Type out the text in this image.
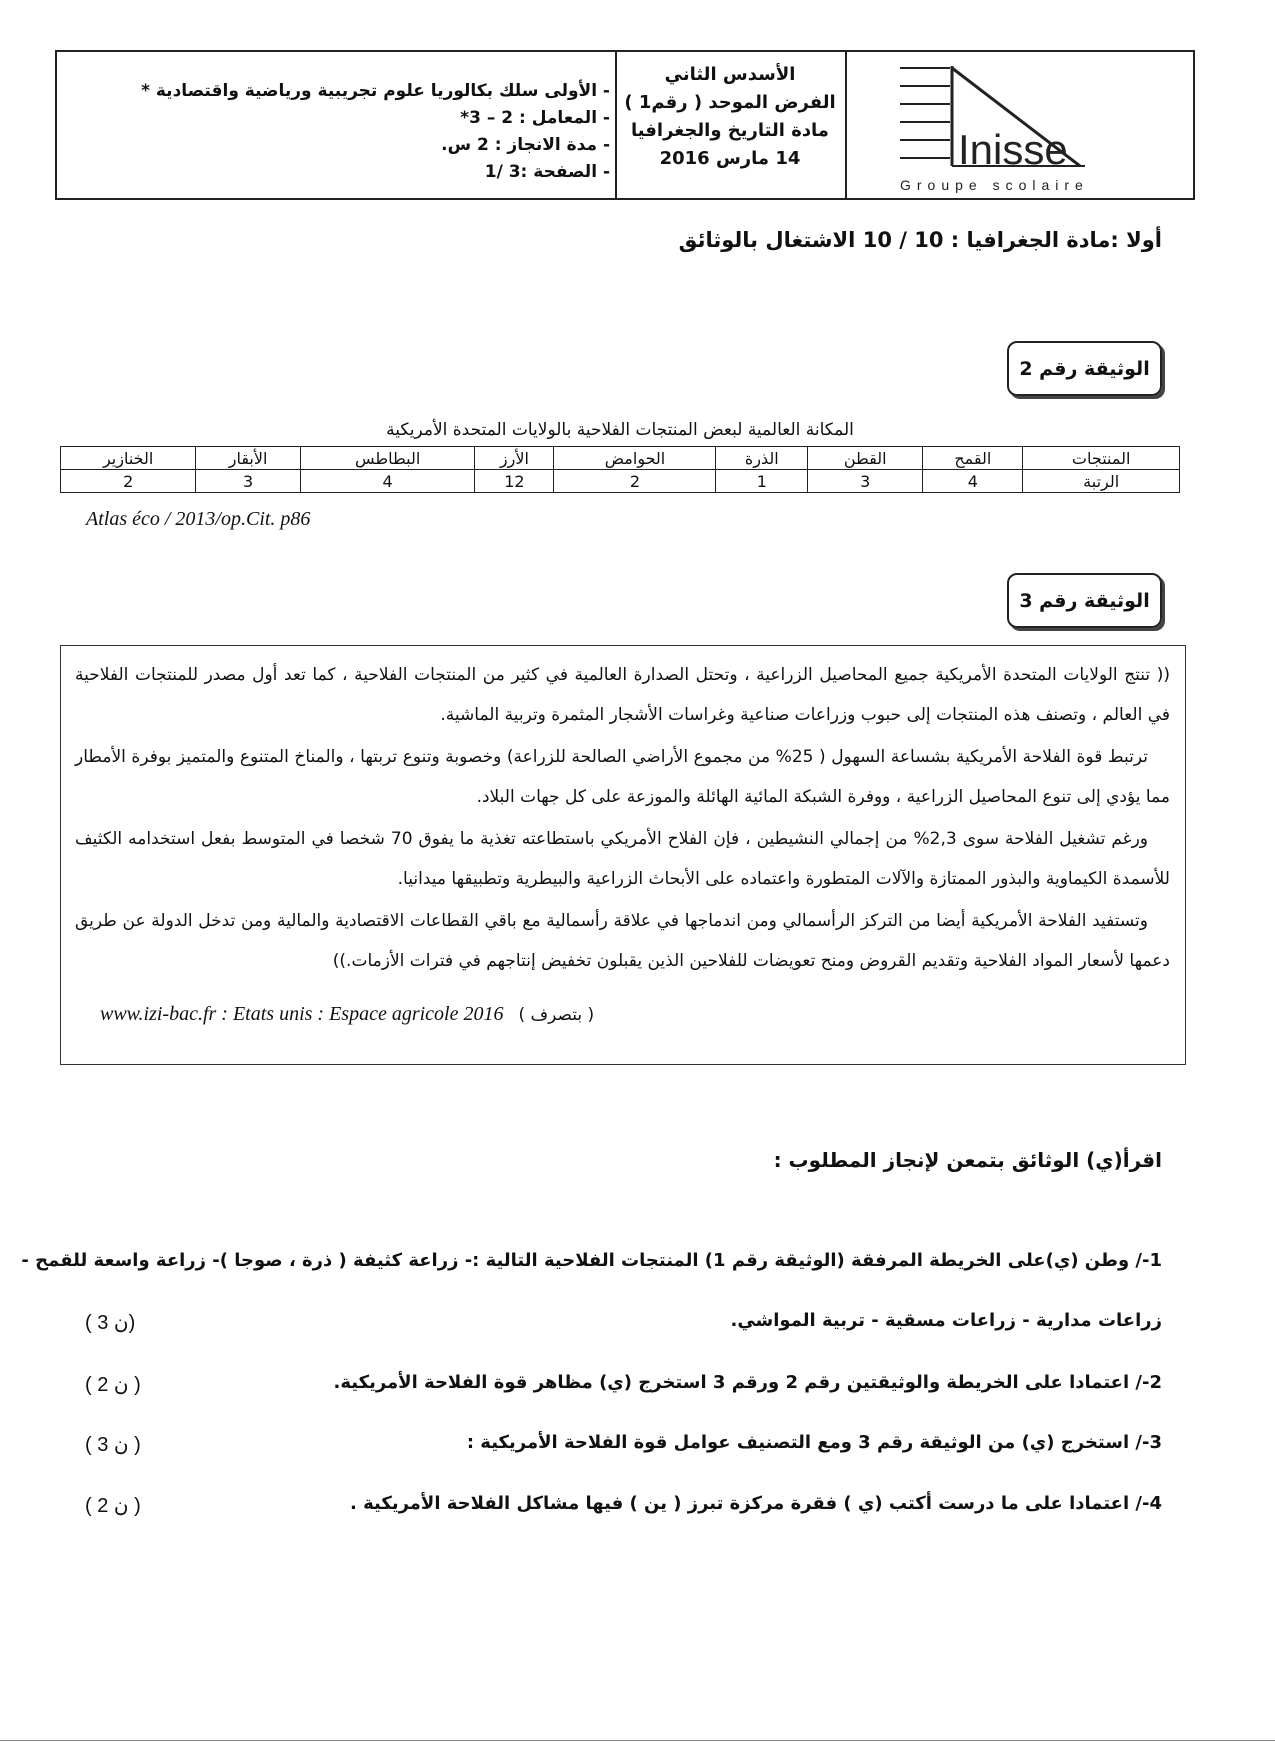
- الأولى سلك بكالوريا علوم تجريبية ورياضية واقتصادية *
- المعامل : 2 – 3*
- مدة الانجاز : 2 س.
- الصفحة :3 /1
الأسدس الثاني
الفرض الموحد ( رقم1 )
مادة التاريخ والجغرافيا
14 مارس 2016	Inisse
Groupe scolaire
أولا :مادة الجغرافيا : 10 / 10 الاشتغال بالوثائق
الوثيقة رقم 2
المكانة العالمية لبعض المنتجات الفلاحية بالولايات المتحدة الأمريكية
المنتجات	القمح	القطن	الذرة	الحوامض	الأرز	البطاطس	الأبقار	الخنازير
الرتبة	4	3	1	2	12	4	3	2
Atlas éco / 2013/op.Cit. p86
الوثيقة رقم 3
(( تنتج الولايات المتحدة الأمريكية جميع المحاصيل الزراعية ، وتحتل الصدارة العالمية في كثير من المنتجات الفلاحية ، كما تعد أول مصدر للمنتجات الفلاحية في العالم ، وتصنف هذه المنتجات إلى حبوب وزراعات صناعية وغراسات الأشجار المثمرة وتربية الماشية.
ترتبط قوة الفلاحة الأمريكية بشساعة السهول ( 25% من مجموع الأراضي الصالحة للزراعة) وخصوبة وتنوع تربتها ، والمناخ المتنوع والمتميز بوفرة الأمطار مما يؤدي إلى تنوع المحاصيل الزراعية ، ووفرة الشبكة المائية الهائلة والموزعة على كل جهات البلاد.
ورغم تشغيل الفلاحة سوى 2,3% من إجمالي النشيطين ، فإن الفلاح الأمريكي باستطاعته تغذية ما يفوق 70 شخصا في المتوسط بفعل استخدامه الكثيف للأسمدة الكيماوية والبذور الممتازة والآلات المتطورة واعتماده على الأبحاث الزراعية والبيطرية وتطبيقها ميدانيا.
وتستفيد الفلاحة الأمريكية أيضا من التركز الرأسمالي ومن اندماجها في علاقة رأسمالية مع باقي القطاعات الاقتصادية والمالية ومن تدخل الدولة عن طريق دعمها لأسعار المواد الفلاحية وتقديم القروض ومنح تعويضات للفلاحين الذين يقبلون تخفيض إنتاجهم في فترات الأزمات.))
www.izi-bac.fr : Etats unis : Espace agricole 2016 ( بتصرف )
اقرأ(ي) الوثائق بتمعن لإنجاز المطلوب :
1-/ وطن (ي)على الخريطة المرفقة (الوثيقة رقم 1) المنتجات الفلاحية التالية :- زراعة كثيفة ( ذرة ، صوجا )- زراعة واسعة للقمح -
زراعات مدارية - زراعات مسقية - تربية المواشي.
( ن 3)
2-/ اعتمادا على الخريطة والوثيقتين رقم 2 ورقم 3 استخرج (ي) مظاهر قوة الفلاحة الأمريكية.
( ن 2 )
3-/ استخرج (ي) من الوثيقة رقم 3 ومع التصنيف عوامل قوة الفلاحة الأمريكية :
( ن 3 )
4-/ اعتمادا على ما درست أكتب (ي ) فقرة مركزة تبرز ( ين ) فيها مشاكل الفلاحة الأمريكية .
( ن 2 )
